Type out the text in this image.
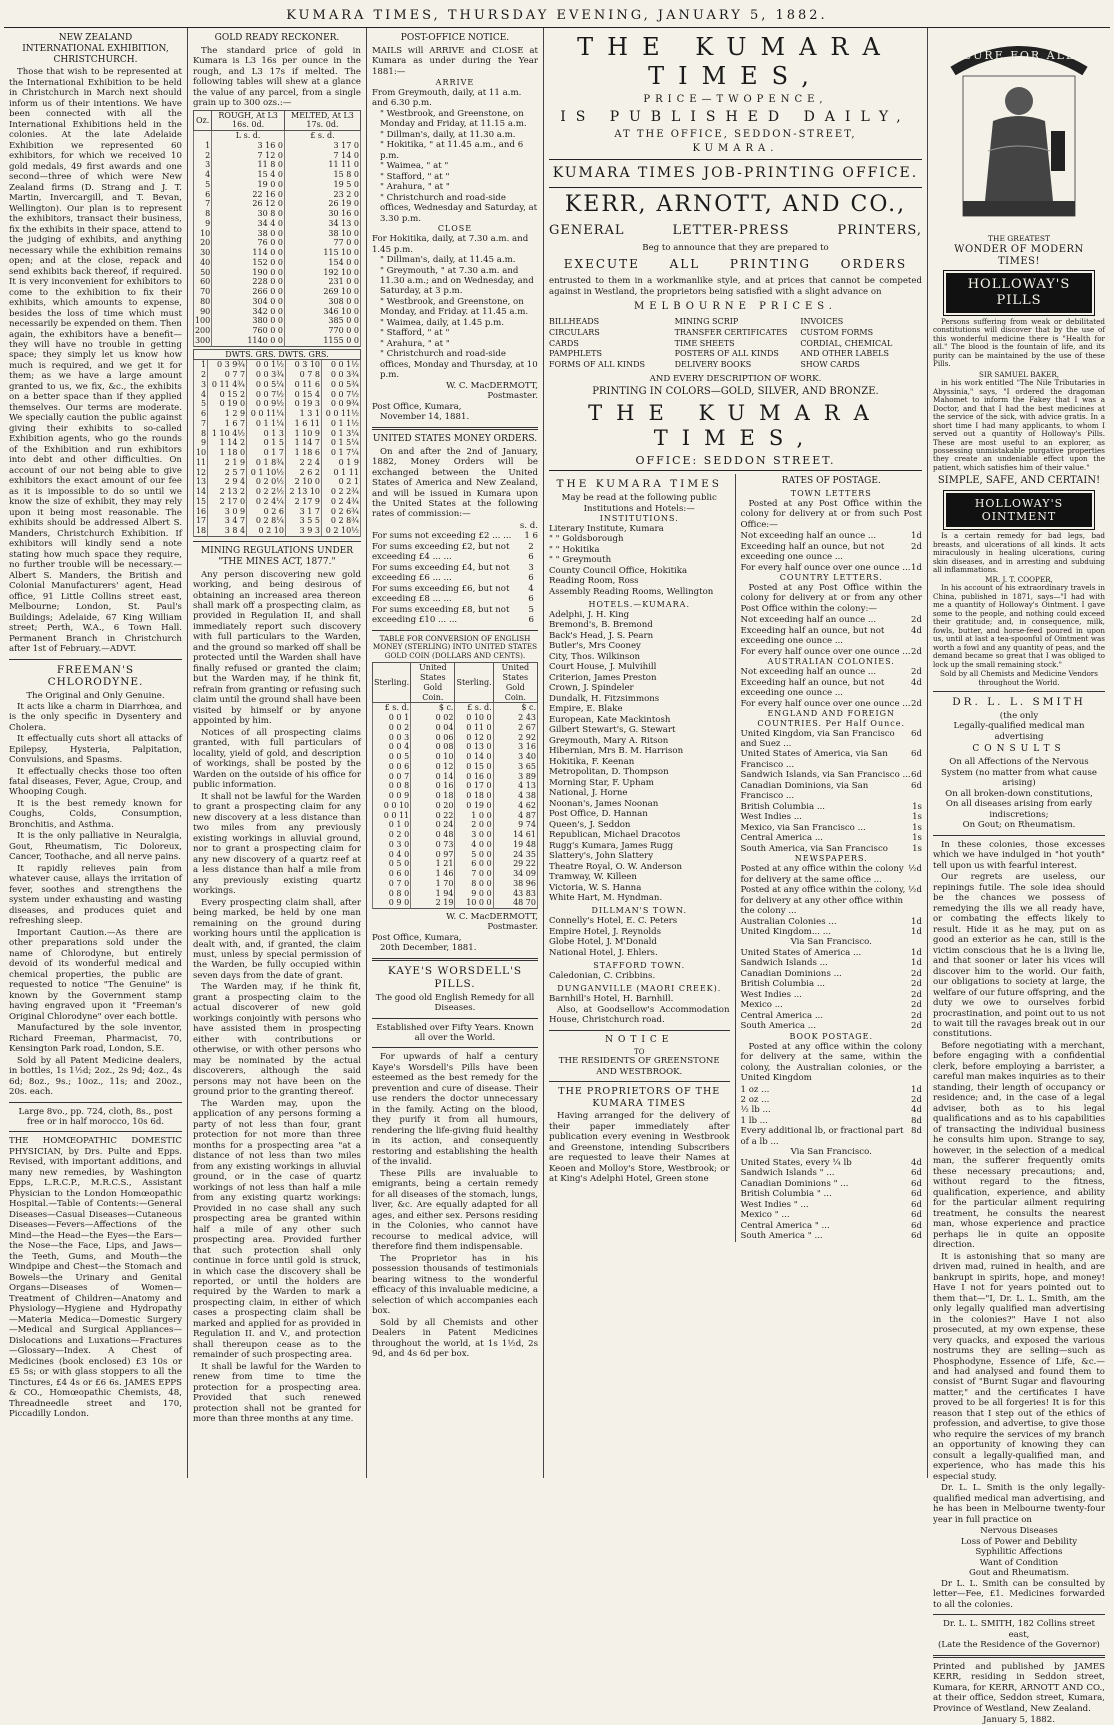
KUMARA TIMES, THURSDAY EVENING, JANUARY 5, 1882.
NEW ZEALAND
INTERNATIONAL EXHIBITION,
CHRISTCHURCH.

Those that wish to be represented at the International Exhibition to be held in Christchurch in March next should inform us of their intentions. We have been connected with all the International Exhibitions held in the colonies. At the late Adelaide Exhibition we represented 60 exhibitors, for which we received 10 gold medals, 49 first awards and one second—three of which were New Zealand firms (D. Strang and J. T. Martin, Invercargill, and T. Bevan, Wellington). Our plan is to represent the exhibitors, transact their business, fix the exhibits in their space, attend to the judging of exhibits, and anything necessary while the exhibition remains open; and at the close, repack and send exhibits back thereof, if required. It is very inconvenient for exhibitors to come to the exhibition to fix their exhibits, which amounts to expense, besides the loss of time which must necessarily be expended on them. Then again, the exhibitors have a benefit—they will have no trouble in getting space; they simply let us know how much is required, and we get it for them; as we have a large amount granted to us, we fix, &c., the exhibits on a better space than if they applied themselves. Our terms are moderate. We specially caution the public against giving their exhibits to so-called Exhibition agents, who go the rounds of the Exhibition and run exhibitors into debt and other difficulties. On account of our not being able to give exhibitors the exact amount of our fee as it is impossible to do so until we know the size of exhibit, they may rely upon it being most reasonable. The exhibits should be addressed Albert S. Manders, Christchurch Exhibition. If exhibitors will kindly send a note stating how much space they require, no further trouble will be necessary.—Albert S. Manders, the British and Colonial Manufacturers' agent, Head office, 91 Little Collins street east, Melbourne; London, St. Paul's Buildings; Adelaide, 67 King William street; Perth, W.A., 6 Town Hall. Permanent Branch in Christchurch after 1st of February.—ADVT.

FREEMAN'S CHLORODYNE.
The Original and Only Genuine.

It acts like a charm in Diarrhœa, and is the only specific in Dysentery and Cholera.

It effectually cuts short all attacks of Epilepsy, Hysteria, Palpitation, Convulsions, and Spasms.

It effectually checks those too often fatal diseases, Fever, Ague, Croup, and Whooping Cough.

It is the best remedy known for Coughs, Colds, Consumption, Bronchitis, and Asthma.

It is the only palliative in Neuralgia, Gout, Rheumatism, Tic Doloreux, Cancer, Toothache, and all nerve pains.

It rapidly relieves pain from whatever cause, allays the irritation of fever, soothes and strengthens the system under exhausting and wasting diseases, and produces quiet and refreshing sleep.

Important Caution.—As there are other preparations sold under the name of Chlorodyne, but entirely devoid of its wonderful medical and chemical properties, the public are requested to notice "The Genuine" is known by the Government stamp having engraved upon it "Freeman's Original Chlorodyne" over each bottle.

Manufactured by the sole inventor, Richard Freeman, Pharmacist, 70, Kensington Park road, London, S.E.

Sold by all Patent Medicine dealers, in bottles, 1s 1½d; 2oz., 2s 9d; 4oz., 4s 6d; 8oz., 9s.; 10oz., 11s; and 20oz., 20s. each.

Large 8vo., pp. 724, cloth, 8s., post free or in half morocco, 10s 6d.

THE HOMŒOPATHIC DOMESTIC PHYSICIAN, by Drs. Pulte and Epps. Revised, with important additions, and many new remedies, by Washington Epps, L.R.C.P., M.R.C.S., Assistant Physician to the London Homœopathic Hospital.—Table of Contents:—General Diseases—Casual Diseases—Cutaneous Diseases—Fevers—Affections of the Mind—the Head—the Eyes—the Ears—the Nose—the Face, Lips, and Jaws—the Teeth, Gums, and Mouth—the Windpipe and Chest—the Stomach and Bowels—the Urinary and Genital Organs—Diseases of Women—Treatment of Children—Anatomy and Physiology—Hygiene and Hydropathy—Materia Medica—Domestic Surgery—Medical and Surgical Appliances—Dislocations and Luxations—Fractures—Glossary—Index. A Chest of Medicines (book enclosed) £3 10s or £5 5s; or with glass stoppers to all the Tinctures, £4 4s or £6 6s. JAMES EPPS & CO., Homœopathic Chemists, 48, Threadneedle street and 170, Piccadilly London.

GOLD READY RECKONER.

The standard price of gold in Kumara is L3 16s per ounce in the rough, and L3 17s if melted. The following tables will shew at a glance the value of any parcel, from a single grain up to 300 ozs.:—

Oz.	ROUGH, At L3 16s. 0d.	MELTED, At L3 17s. 0d.
	L s. d.	£ s. d.
1	3 16 0	3 17 0
2	7 12 0	7 14 0
3	11 8 0	11 11 0
4	15 4 0	15 8 0
5	19 0 0	19 5 0
6	22 16 0	23 2 0
7	26 12 0	26 19 0
8	30 8 0	30 16 0
9	34 4 0	34 13 0
10	38 0 0	38 10 0
20	76 0 0	77 0 0
30	114 0 0	115 10 0
40	152 0 0	154 0 0
50	190 0 0	192 10 0
60	228 0 0	231 0 0
70	266 0 0	269 10 0
80	304 0 0	308 0 0
90	342 0 0	346 10 0
100	380 0 0	385 0 0
200	760 0 0	770 0 0
300	1140 0 0	1155 0 0
DWTS. GRS. DWTS. GRS.				
1	0 3 9¾	0 0 1½	0 3 10	0 0 1½
2	0 7 7	0 0 3¾	0 7 8	0 0 3¾
3	0 11 4¾	0 0 5¼	0 11 6	0 0 5¾
4	0 15 2	0 0 7½	0 15 4	0 0 7½
5	0 19 0	0 0 9½	0 19 3	0 0 9¾
6	1 2 9	0 0 11¼	1 3 1	0 0 11½
7	1 6 7	0 1 1¼	1 6 11	0 1 1½
8	1 10 4½	0 1 3	1 10 9	0 1 3¼
9	1 14 2	0 1 5	1 14 7	0 1 5¼
10	1 18 0	0 1 7	1 18 6	0 1 7¼
11	2 1 9	0 1 8¾	2 2 4	0 1 9
12	2 5 7	0 1 10½	2 6 2	0 1 11
13	2 9 4	0 2 0½	2 10 0	0 2 1
14	2 13 2	0 2 2½	2 13 10	0 2 2¾
15	2 17 0	0 2 4¼	2 17 9	0 2 4¾
16	3 0 9	0 2 6	3 1 7	0 2 6¾
17	3 4 7	0 2 8¼	3 5 5	0 2 8¾
18	3 8 4	0 2 10	3 9 3	0 2 10½
MINING REGULATIONS UNDER
"THE MINES ACT, 1877."

Any person discovering new gold working, and being desirous of obtaining an increased area thereon shall mark off a prospecting claim, as provided in Regulation II, and shall immediately report such discovery with full particulars to the Warden, and the ground so marked off shall be protected until the Warden shall have finally refused or granted the claim; but the Warden may, if he think fit, refrain from granting or refusing such claim until the ground shall have been visited by himself or by anyone appointed by him.

Notices of all prospecting claims granted, with full particulars of locality, yield of gold, and description of workings, shall be posted by the Warden on the outside of his office for public information.

It shall not be lawful for the Warden to grant a prospecting claim for any new discovery at a less distance than two miles from any previously existing workings in alluvial ground, nor to grant a prospecting claim for any new discovery of a quartz reef at a less distance than half a mile from any previously existing quartz workings.

Every prospecting claim shall, after being marked, be held by one man remaining on the ground during working hours until the application is dealt with, and, if granted, the claim must, unless by special permission of the Warden, be fully occupied within seven days from the date of grant.

The Warden may, if he think fit, grant a prospecting claim to the actual discoverer of new gold workings conjointly with persons who have assisted them in prospecting either with contributions or otherwise, or with other persons who may be nominated by the actual discoverers, although the said persons may not have been on the ground prior to the granting thereof.

The Warden may, upon the application of any persons forming a party of not less than four, grant protection for not more than three months for a prospecting area "at a distance of not less than two miles from any existing workings in alluvial ground, or in the case of quartz workings of not less than half a mile from any existing quartz workings: Provided in no case shall any such prospecting area be granted within half a mile of any other such prospecting area. Provided further that such protection shall only continue in force until gold is struck, in which case the discovery shall be reported, or until the holders are required by the Warden to mark a prospecting claim, in either of which cases a prospecting claim shall be marked and applied for as provided in Regulation II. and V., and protection shall thereupon cease as to the remainder of such prospecting area.

It shall be lawful for the Warden to renew from time to time the protection for a prospecting area. Provided that such renewed protection shall not be granted for more than three months at any time.

POST-OFFICE NOTICE.

MAILS will ARRIVE and CLOSE at Kumara as under during the Year 1881:—

ARRIVE
From Greymouth, daily, at 11 a.m. and 6.30 p.m.
" Westbrook, and Greenstone, on Monday and Friday, at 11.15 a.m.
" Dillman's, daily, at 11.30 a.m.
" Hokitika, " at 11.45 a.m., and 6 p.m.
" Waimea, " at "
" Stafford, " at "
" Arahura, " at "
" Christchurch and road-side offices, Wednesday and Saturday, at 3.30 p.m.
CLOSE
For Hokitika, daily, at 7.30 a.m. and 1.45 p.m.
" Dillman's, daily, at 11.45 a.m.
" Greymouth, " at 7.30 a.m. and 11.30 a.m.; and on Wednesday, and Saturday, at 3 p.m.
" Westbrook, and Greenstone, on Monday, and Friday. at 11.45 a.m.
" Waimea, daily, at 1.45 p.m.
" Stafford, " at "
" Arahura, " at "
" Christchurch and road-side offices, Monday and Thursday, at 10 p.m.
W. C. MacDERMOTT,
Postmaster.
Post Office, Kumara,
November 14, 1881.
UNITED STATES MONEY ORDERS.

On and after the 2nd of January, 1882, Money Orders will be exchanged between the United States of America and New Zealand, and will be issued in Kumara upon the United States at the following rates of commission:—

s. d.
For sums not exceeding £2 ... ... 1 6
For sums exceeding £2, but not exceeding £4 ... ...
2 6
For sums exceeding £4, but not exceeding £6 ... ...
3 6
For sums exceeding £6, but not exceeding £8 ... ...
4 6
For sums exceeding £8, but not exceeding £10 ... ...
5 6
TABLE FOR CONVERSION OF ENGLISH MONEY (STERLING) INTO UNITED STATES GOLD COIN (DOLLARS AND CENTS).
Sterling.	United States Gold Coin.	Sterling.	United States Gold Coin.
£ s. d.	$ c.	£ s. d.	$ c.
0 0 1	0 02	0 10 0	2 43
0 0 2	0 04	0 11 0	2 67
0 0 3	0 06	0 12 0	2 92
0 0 4	0 08	0 13 0	3 16
0 0 5	0 10	0 14 0	3 40
0 0 6	0 12	0 15 0	3 65
0 0 7	0 14	0 16 0	3 89
0 0 8	0 16	0 17 0	4 13
0 0 9	0 18	0 18 0	4 38
0 0 10	0 20	0 19 0	4 62
0 0 11	0 22	1 0 0	4 87
0 1 0	0 24	2 0 0	9 74
0 2 0	0 48	3 0 0	14 61
0 3 0	0 73	4 0 0	19 48
0 4 0	0 97	5 0 0	24 35
0 5 0	1 21	6 0 0	29 22
0 6 0	1 46	7 0 0	34 09
0 7 0	1 70	8 0 0	38 96
0 8 0	1 94	9 0 0	43 83
0 9 0	2 19	10 0 0	48 70
W. C. MacDERMOTT,
Postmaster.
Post Office, Kumara,
20th December, 1881.
KAYE'S WORSDELL'S PILLS.
The good old English Remedy for all Diseases.
Established over Fifty Years. Known all over the World.

For upwards of half a century Kaye's Worsdell's Pills have been esteemed as the best remedy for the prevention and cure of disease. Their use renders the doctor unnecessary in the family. Acting on the blood, they purify it from all humours, rendering the life-giving fluid healthy in its action, and consequently restoring and establishing the health of the invalid.

These Pills are invaluable to emigrants, being a certain remedy for all diseases of the stomach, lungs, liver, &c. Are equally adapted for all ages, and either sex. Persons residing in the Colonies, who cannot have recourse to medical advice, will therefore find them indispensable.

The Proprietor has in his possession thousands of testimonials bearing witness to the wonderful efficacy of this invaluable medicine, a selection of which accompanies each box.

Sold by all Chemists and other Dealers in Patent Medicines throughout the world, at 1s 1½d, 2s 9d, and 4s 6d per box.

THE KUMARA TIMES,
PRICE—TWOPENCE,
IS PUBLISHED DAILY,
AT THE OFFICE, SEDDON-STREET,
KUMARA.
KUMARA TIMES JOB-PRINTING OFFICE.
KERR, ARNOTT, AND CO.,
GENERAL	LETTER-PRESS	PRINTERS,
Beg to announce that they are prepared to
EXECUTE ALL PRINTING ORDERS

entrusted to them in a workmanlike style, and at prices that cannot be competed against in Westland, the proprietors being satisfied with a slight advance on

MELBOURNE PRICES.
BILLHEADS	MINING SCRIP	INVOICES
CIRCULARS	TRANSFER CERTIFICATES	CUSTOM FORMS
CARDS	TIME SHEETS	CORDIAL, CHEMICAL
PAMPHLETS	POSTERS OF ALL KINDS	AND OTHER LABELS
FORMS OF ALL KINDS	DELIVERY BOOKS	SHOW CARDS
AND EVERY DESCRIPTION OF WORK.
PRINTING IN COLORS—GOLD, SILVER, AND BRONZE.
THE KUMARA TIMES,
OFFICE: SEDDON STREET.
THE KUMARA TIMES
May be read at the following public Institutions and Hotels:—
INSTITUTIONS.
Literary Institute, Kumara
" " Goldsborough
" " Hokitika
" " Greymouth
County Council Office, Hokitika
Reading Room, Ross
Assembly Reading Rooms, Wellington
HOTELS.—KUMARA.
Adelphi, J. H. King
Bremond's, B. Bremond
Back's Head, J. S. Pearn
Butler's, Mrs Cooney
City, Thos. Wilkinson
Court House, J. Mulvihill
Criterion, James Preston
Crown, J. Spindeler
Dundalk, H. Fitzsimmons
Empire, E. Blake
European, Kate Mackintosh
Gilbert Stewart's, G. Stewart
Greymouth, Mary A. Ritson
Hibernian, Mrs B. M. Harrison
Hokitika, F. Keenan
Metropolitan, D. Thompson
Morning Star, F. Upham
National, J. Horne
Noonan's, James Noonan
Post Office, D. Hannan
Queen's, J. Seddon
Republican, Michael Dracotos
Rugg's Kumara, James Rugg
Slattery's, John Slattery
Theatre Royal, O. W. Anderson
Tramway, W. Killeen
Victoria, W. S. Hanna
White Hart, M. Hyndman.
DILLMAN'S TOWN.
Connelly's Hotel, E. C. Peters
Empire Hotel, J. Reynolds
Globe Hotel, J. M'Donald
National Hotel, J. Ehlers.
STAFFORD TOWN.
Caledonian, C. Cribbins.
DUNGANVILLE (MAORI CREEK).
Barnhill's Hotel, H. Barnhill.

Also, at Goodsellow's Accommodation House, Christchurch road.

NOTICE
TO
THE RESIDENTS OF GREENSTONE
AND WESTBROOK.
THE PROPRIETORS OF THE KUMARA TIMES

Having arranged for the delivery of their paper immediately after publication every evening in Westbrook and Greenstone, intending Subscribers are requested to leave their Names at Keoen and Molloy's Store, Westbrook; or at King's Adelphi Hotel, Green stone

RATES OF POSTAGE.
TOWN LETTERS

Posted at any Post Office within the colony for delivery at or from such Post Office:—

Not exceeding half an ounce ...	1d
Exceeding half an ounce, but not exceeding one ounce ...
2d
For every half ounce over one ounce ... 1d
COUNTRY LETTERS.

Posted at any Post Office within the colony for delivery at or from any other Post Office within the colony:—

Not exceeding half an ounce ...	2d
Exceeding half an ounce, but not exceeding one ounce ...
4d
For every half ounce over one ounce ... 2d
AUSTRALIAN COLONIES.
Not exceeding half an ounce ...	2d
Exceeding half an ounce, but not exceeding one ounce ...
4d
For every half ounce over one ounce ... 2d
ENGLAND AND FOREIGN COUNTRIES. Per Half Ounce.
United Kingdom, via San Francisco and Suez ...
6d
United States of America, via San Francisco ...
6d
Sandwich Islands, via San Francisco ... 6d
Canadian Dominions, via San Francisco ...
6d
British Columbia ...	1s
West Indies ...	1s
Mexico, via San Francisco ...	1s
Central America ...	1s
South America, via San Francisco	1s
NEWSPAPERS.
Posted at any office within the colony for delivery at the same office ...
½d
Posted at any office within the colony, for delivery at any other office within the colony ...
½d
Australian Colonies ...	1d
United Kingdom... ...	1d
Via San Francisco.
United States of America ...	1d
Sandwich Islands ...	1d
Canadian Dominions ...	2d
British Columbia ...	2d
West Indies ...	2d
Mexico ...	2d
Central America ...	2d
South America ...	2d
BOOK POSTAGE.

Posted at any office within the colony for delivery at the same, within the colony, the Australian colonies, or the United Kingdom

1 oz ...	1d
2 oz ...	2d
½ lb ...	4d
1 lb ...	8d
Every additional lb, or fractional part of a lb ...
8d
Via San Francisco.
United States, every ¼ lb	4d
Sandwich Islands " ...	6d
Canadian Dominions " ...	6d
British Columbia " ...	6d
West Indies " ...	6d
Mexico " ...	6d
Central America " ...	6d
South America " ...	6d
CURE FOR ALL
THE GREATEST
WONDER OF MODERN TIMES!
HOLLOWAY'S PILLS

Persons suffering from weak or debilitated constitutions will discover that by the use of this wonderful medicine there is "Health for all." The blood is the fountain of life, and its purity can be maintained by the use of these Pills.

SIR SAMUEL BAKER,

in his work entitled "The Nile Tributaries in Abyssinia," says, "I ordered the dragoman Mahomet to inform the Fakey that I was a Doctor, and that I had the best medicines at the service of the sick, with advice gratis. In a short time I had many applicants, to whom I served out a quantity of Holloway's Pills. These are most useful to an explorer, as possessing unmistakable purgative properties they create an undeniable effect upon the patient, which satisfies him of their value."

SIMPLE, SAFE, AND CERTAIN!
HOLLOWAY'S OINTMENT

Is a certain remedy for bad legs, bad breasts, and ulcerations of all kinds. It acts miraculously in healing ulcerations, curing skin diseases, and in arresting and subduing all inflammations.

MR. J. T. COOPER,

In his account of his extraordinary travels in China, published in 1871, says—"I had with me a quantity of Holloway's Ointment. I gave some to the people, and nothing could exceed their gratitude; and, in consequence, milk, fowls, butter, and horse-feed poured in upon us, until at last a tea-spoonful of Ointment was worth a fowl and any quantity of peas, and the demand became so great that I was obliged to lock up the small remaining stock."

Sold by all Chemists and Medicine Vendors throughout the World.

DR. L. L. SMITH
(the only
Legally-qualified medical man advertising
CONSULTS
On all Affections of the Nervous System (no matter from what cause arising)
On all broken-down constitutions,
On all diseases arising from early indiscretions;
On Gout; on Rheumatism.

In these colonies, those excesses which we have indulged in "hot youth" tell upon us with fearful interest.

Our regrets are useless, our repinings futile. The sole idea should be the chances we possess of remedying the ills we all ready have, or combating the effects likely to result. Hide it as he may, put on as good an exterior as he can, still is the victim conscious that he is a living lie, and that sooner or later his vices will discover him to the world. Our faith, our obligations to society at large, the welfare of our future offspring, and the duty we owe to ourselves forbid procrastination, and point out to us not to wait till the ravages break out in our constitutions.

Before negotiating with a merchant, before engaging with a confidential clerk, before employing a barrister, a careful man makes inquiries as to their standing, their length of occupancy or residence; and, in the case of a legal adviser, both as to his legal qualifications and as to his capabilities of transacting the individual business he consults him upon. Strange to say, however, in the selection of a medical man, the sufferer frequently omits these necessary precautions; and, without regard to the fitness, qualification, experience, and ability for the particular ailment requiring treatment, he consults the nearest man, whose experience and practice perhaps lie in quite an opposite direction.

It is astonishing that so many are driven mad, ruined in health, and are bankrupt in spirits, hope, and money! Have I not for years pointed out to them that—"I, Dr. L. L. Smith, am the only legally qualified man advertising in the colonies?" Have I not also prosecuted, at my own expense, these very quacks, and exposed the various nostrums they are selling—such as Phosphodyne, Essence of Life, &c.—and had analysed and found them to consist of "Burnt Sugar and flavouring matter," and the certificates I have proved to be all forgeries! It is for this reason that I step out of the ethics of profession, and advertise, to give those who require the services of my branch an opportunity of knowing they can consult a legally-qualified man, and experience, who has made this his especial study.

Dr. L. L. Smith is the only legally-qualified medical man advertising, and he has been in Melbourne twenty-four year in full practice on

Nervous Diseases
Loss of Power and Debility
Syphilitic Affections
Want of Condition
Gout and Rheumatism.

Dr L. L. Smith can be consulted by letter—Fee, £1. Medicines forwarded to all the colonies.

Dr. L. L. SMITH, 182 Collins street east,
(Late the Residence of the Governor)

Printed and published by JAMES KERR, residing in Seddon street, Kumara, for KERR, ARNOTT AND CO., at their office, Seddon street, Kumara, Province of Westland, New Zealand.

January 5, 1882.
